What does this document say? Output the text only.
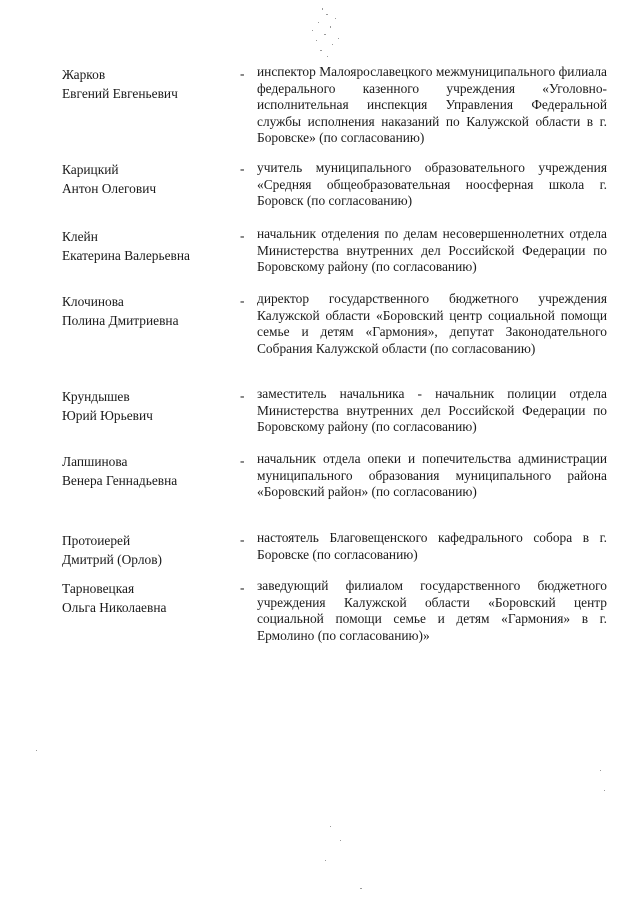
Жарков
Евгений Евгеньевич
- инспектор Малоярославецкого межмуниципального филиала федерального казенного учреждения «Уголовно-исполнительная инспекция Управления Федеральной службы исполнения наказаний по Калужской области в г. Боровске» (по согласованию)
Карицкий
Антон Олегович
- учитель муниципального образовательного учреждения «Средняя общеобразовательная ноосферная школа г. Боровск (по согласованию)
Клейн
Екатерина Валерьевна
- начальник отделения по делам несовершеннолетних отдела Министерства внутренних дел Российской Федерации по Боровскому району (по согласованию)
Клочинова
Полина Дмитриевна
- директор государственного бюджетного учреждения Калужской области «Боровский центр социальной помощи семье и детям «Гармония», депутат Законодательного Собрания Калужской области (по согласованию)
Крундышев
Юрий Юрьевич
- заместитель начальника - начальник полиции отдела Министерства внутренних дел Российской Федерации по Боровскому району (по согласованию)
Лапшинова
Венера Геннадьевна
- начальник отдела опеки и попечительства администрации муниципального образования муниципального района «Боровский район» (по согласованию)
Протоиерей
Дмитрий (Орлов)
- настоятель Благовещенского кафедрального собора в г. Боровске (по согласованию)
Тарновецкая
Ольга Николаевна
- заведующий филиалом государственного бюджетного учреждения Калужской области «Боровский центр социальной помощи семье и детям «Гармония» в г. Ермолино (по согласованию)»
